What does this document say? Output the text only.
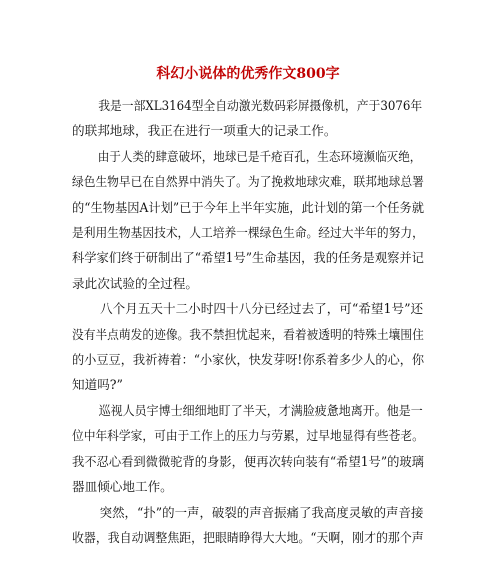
科幻小说体的优秀作文800字

我是一部XL3164型全自动激光数码彩屏摄像机，产于3076年
的联邦地球，我正在进行一项重大的记录工作。

由于人类的肆意破坏，地球已是千疮百孔，生态环境濒临灭绝，
绿色生物早已在自然界中消失了。为了挽救地球灾难，联邦地球总署
的“生物基因A计划”已于今年上半年实施，此计划的第一个任务就
是利用生物基因技术，人工培养一棵绿色生命。经过大半年的努力，
科学家们终于研制出了“希望1号”生命基因，我的任务是观察并记
录此次试验的全过程。

八个月五天十二小时四十八分已经过去了，可“希望1号”还
没有半点萌发的迹像。我不禁担忧起来，看着被透明的特殊土壤围住
的小豆豆，我祈祷着：“小家伙，快发芽呀!你系着多少人的心，你
知道吗?”

巡视人员宇博士细细地盯了半天，才满脸疲惫地离开。他是一
位中年科学家，可由于工作上的压力与劳累，过早地显得有些苍老。
我不忍心看到微微驼背的身影，便再次转向装有“希望1号”的玻璃
器皿倾心地工作。

突然，“扑”的一声，破裂的声音振痛了我高度灵敏的声音接
收器，我自动调整焦距，把眼睛睁得大大地。“天啊，刚才的那个声
